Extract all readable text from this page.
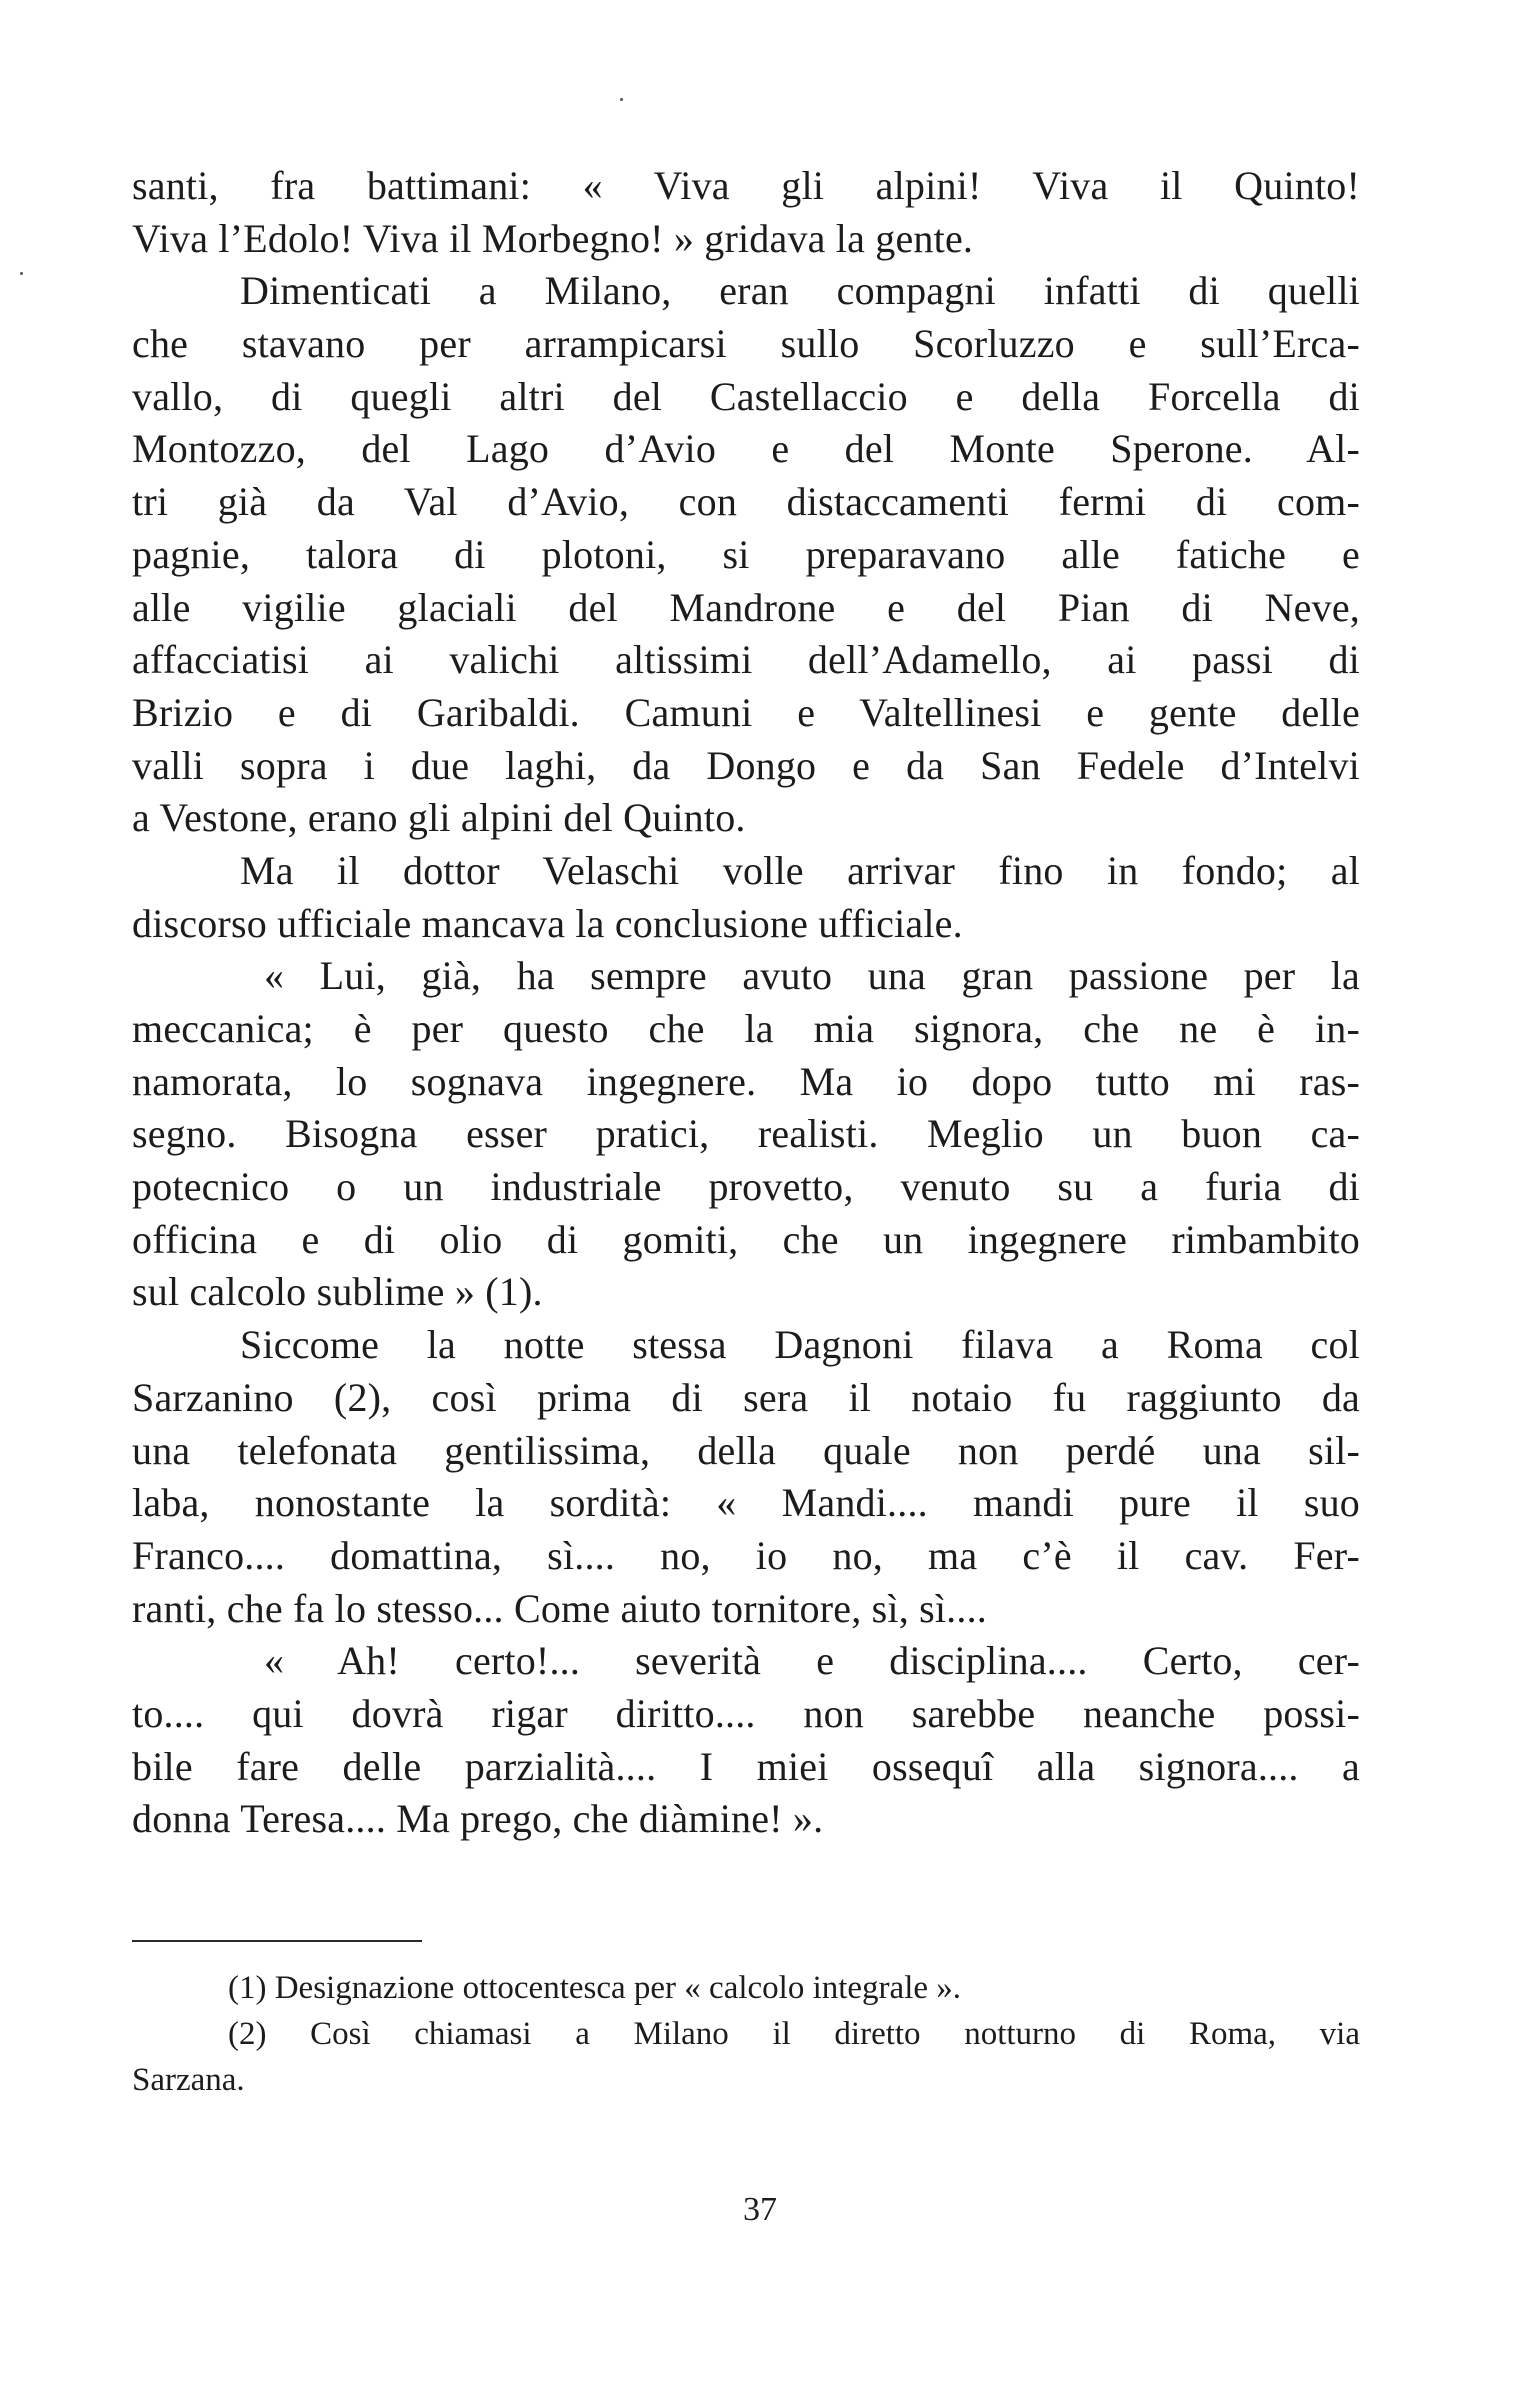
santi, fra battimani: « Viva gli alpini! Viva il Quinto!
Viva l’Edolo! Viva il Morbegno! » gridava la gente.
Dimenticati a Milano, eran compagni infatti di quelli
che stavano per arrampicarsi sullo Scorluzzo e sull’Erca-
vallo, di quegli altri del Castellaccio e della Forcella di
Montozzo, del Lago d’Avio e del Monte Sperone. Al-
tri già da Val d’Avio, con distaccamenti fermi di com-
pagnie, talora di plotoni, si preparavano alle fatiche e
alle vigilie glaciali del Mandrone e del Pian di Neve,
affacciatisi ai valichi altissimi dell’Adamello, ai passi di
Brizio e di Garibaldi. Camuni e Valtellinesi e gente delle
valli sopra i due laghi, da Dongo e da San Fedele d’Intelvi
a Vestone, erano gli alpini del Quinto.
Ma il dottor Velaschi volle arrivar fino in fondo; al
discorso ufficiale mancava la conclusione ufficiale.
« Lui, già, ha sempre avuto una gran passione per la
meccanica; è per questo che la mia signora, che ne è in-
namorata, lo sognava ingegnere. Ma io dopo tutto mi ras-
segno. Bisogna esser pratici, realisti. Meglio un buon ca-
potecnico o un industriale provetto, venuto su a furia di
officina e di olio di gomiti, che un ingegnere rimbambito
sul calcolo sublime » (1).
Siccome la notte stessa Dagnoni filava a Roma col
Sarzanino (2), così prima di sera il notaio fu raggiunto da
una telefonata gentilissima, della quale non perdé una sil-
laba, nonostante la sordità: « Mandi.... mandi pure il suo
Franco.... domattina, sì.... no, io no, ma c’è il cav. Fer-
ranti, che fa lo stesso... Come aiuto tornitore, sì, sì....
« Ah! certo!... severità e disciplina.... Certo, cer-
to.... qui dovrà rigar diritto.... non sarebbe neanche possi-
bile fare delle parzialità.... I miei ossequî alla signora.... a
donna Teresa.... Ma prego, che diàmine! ».
(1) Designazione ottocentesca per « calcolo integrale ».
(2) Così chiamasi a Milano il diretto notturno di Roma, via
Sarzana.
37
